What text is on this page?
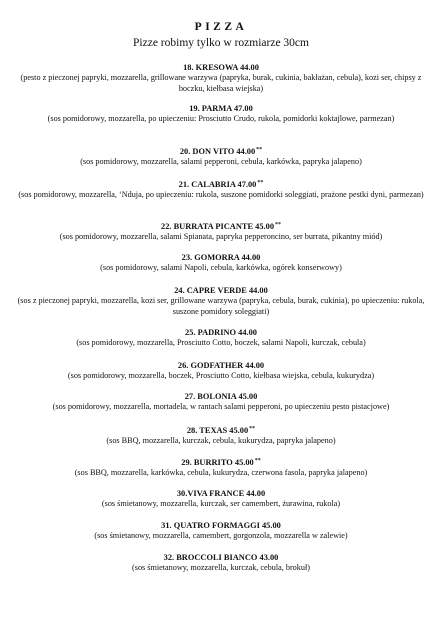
PIZZA
Pizze robimy tylko w rozmiarze 30cm
18. KRESOWA 44.00
(pesto z pieczonej papryki, mozzarella, grillowane warzywa (papryka, burak, cukinia, bakłażan, cebula), kozi ser, chipsy z boczku, kiełbasa wiejska)
19. PARMA 47.00
(sos pomidorowy, mozzarella, po upieczeniu: Prosciutto Crudo, rukola, pomidorki koktajlowe, parmezan)
20. DON VITO 44.00**
(sos pomidorowy, mozzarella, salami pepperoni, cebula, karkówka, papryka jalapeno)
21. CALABRIA 47.00**
(sos pomidorowy, mozzarella, ‘Nduja, po upieczeniu: rukola, suszone pomidorki soleggiati, prażone pestki dyni, parmezan)
22. BURRATA PICANTE 45.00**
(sos pomidorowy, mozzarella, salami Spianata, papryka pepperoncino, ser burrata, pikantny miód)
23. GOMORRA 44.00
(sos pomidorowy, salami Napoli, cebula, karkówka, ogórek konserwowy)
24. CAPRE VERDE 44.00
(sos z pieczonej papryki, mozzarella, kozi ser, grillowane warzywa (papryka, cebula, burak, cukinia), po upieczeniu: rukola, suszone pomidory soleggiati)
25. PADRINO 44.00
(sos pomidorowy, mozzarella, Prosciutto Cotto, boczek, salami Napoli, kurczak, cebula)
26. GODFATHER 44.00
(sos pomidorowy, mozzarella, boczek, Prosciutto Cotto, kiełbasa wiejska, cebula, kukurydza)
27. BOLONIA 45.00
(sos pomidorowy, mozzarella, mortadela, w rantach salami pepperoni, po upieczeniu pesto pistacjowe)
28. TEXAS 45.00**
(sos BBQ, mozzarella, kurczak, cebula, kukurydza, papryka jalapeno)
29. BURRITO 45.00**
(sos BBQ, mozzarella, karkówka, cebula, kukurydza, czerwona fasola, papryka jalapeno)
30.VIVA FRANCE 44.00
(sos śmietanowy, mozzarella, kurczak, ser camembert, żurawina, rukola)
31. QUATRO FORMAGGI 45.00
(sos śmietanowy, mozzarella, camembert, gorgonzola, mozzarella w zalewie)
32. BROCCOLI BIANCO 43.00
(sos śmietanowy, mozzarella, kurczak, cebula, brokuł)
